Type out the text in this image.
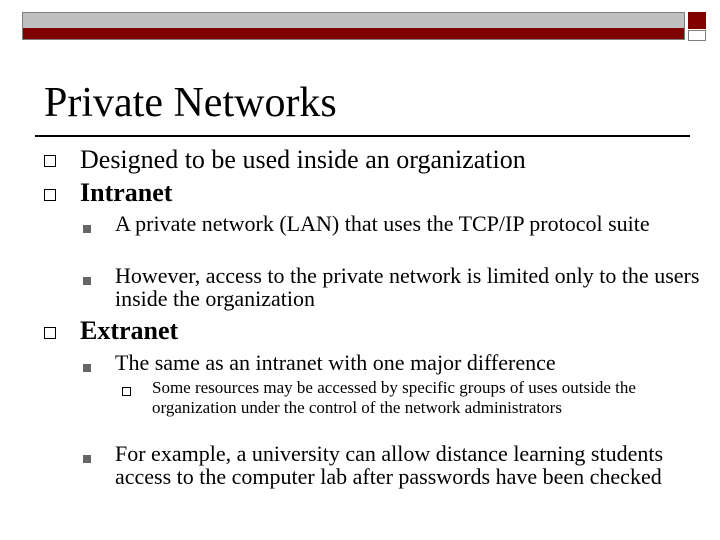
Private Networks

Designed to be used inside an organization

Intranet

A private network (LAN) that uses the TCP/IP protocol suite

However, access to the private network is limited only to the users inside the organization

Extranet

The same as an intranet with one major difference

Some resources may be accessed by specific groups of uses outside the organization under the control of the network administrators

For example, a university can allow distance learning students access to the computer lab after passwords have been checked
